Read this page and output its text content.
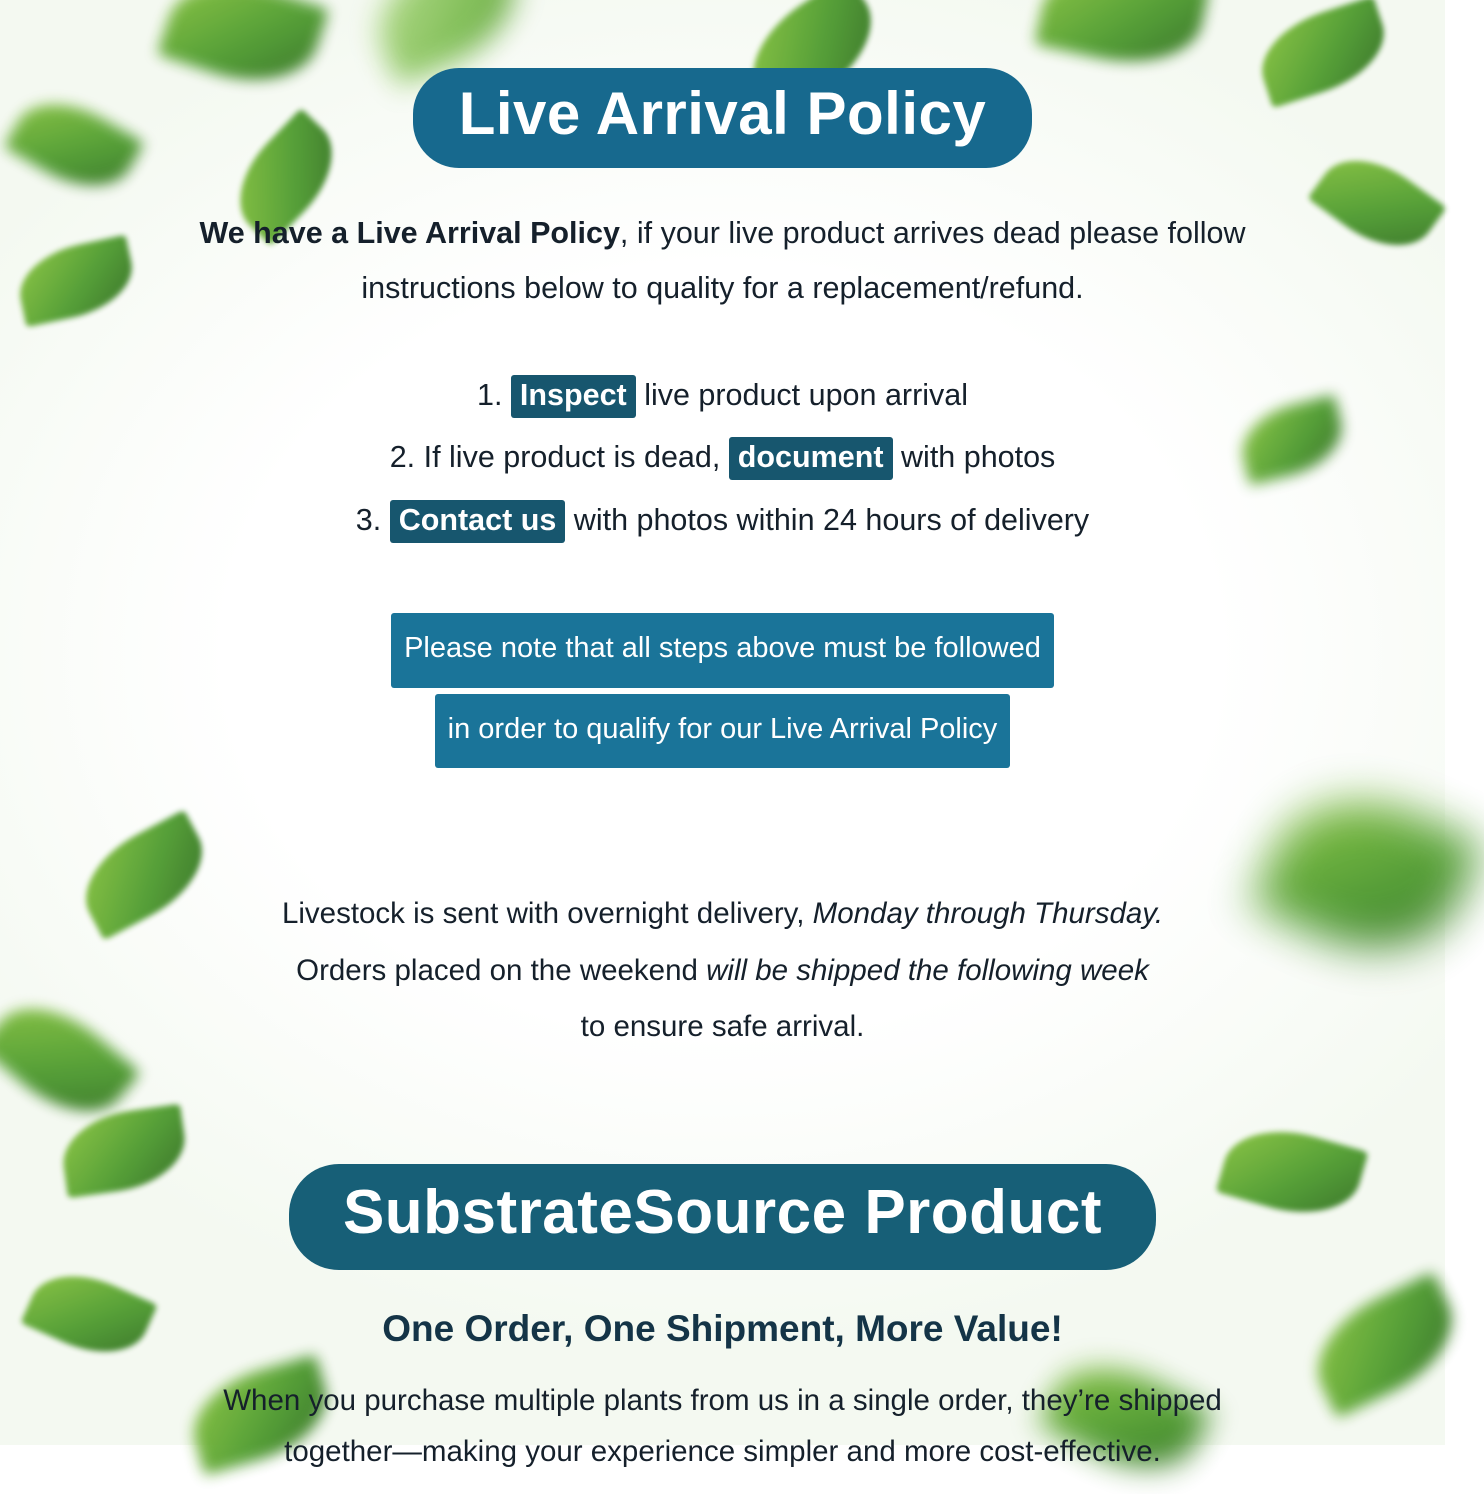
Live Arrival Policy

We have a Live Arrival Policy, if your live product arrives dead please follow instructions below to quality for a replacement/refund.

1. Inspect live product upon arrival
2. If live product is dead, document with photos
3. Contact us with photos within 24 hours of delivery
Please note that all steps above must be followed
in order to qualify for our Live Arrival Policy
Livestock is sent with overnight delivery, Monday through Thursday.
Orders placed on the weekend will be shipped the following week
to ensure safe arrival.
SubstrateSource Product
One Order, One Shipment, More Value!
When you purchase multiple plants from us in a single order, they’re shipped
together—making your experience simpler and more cost-effective.
